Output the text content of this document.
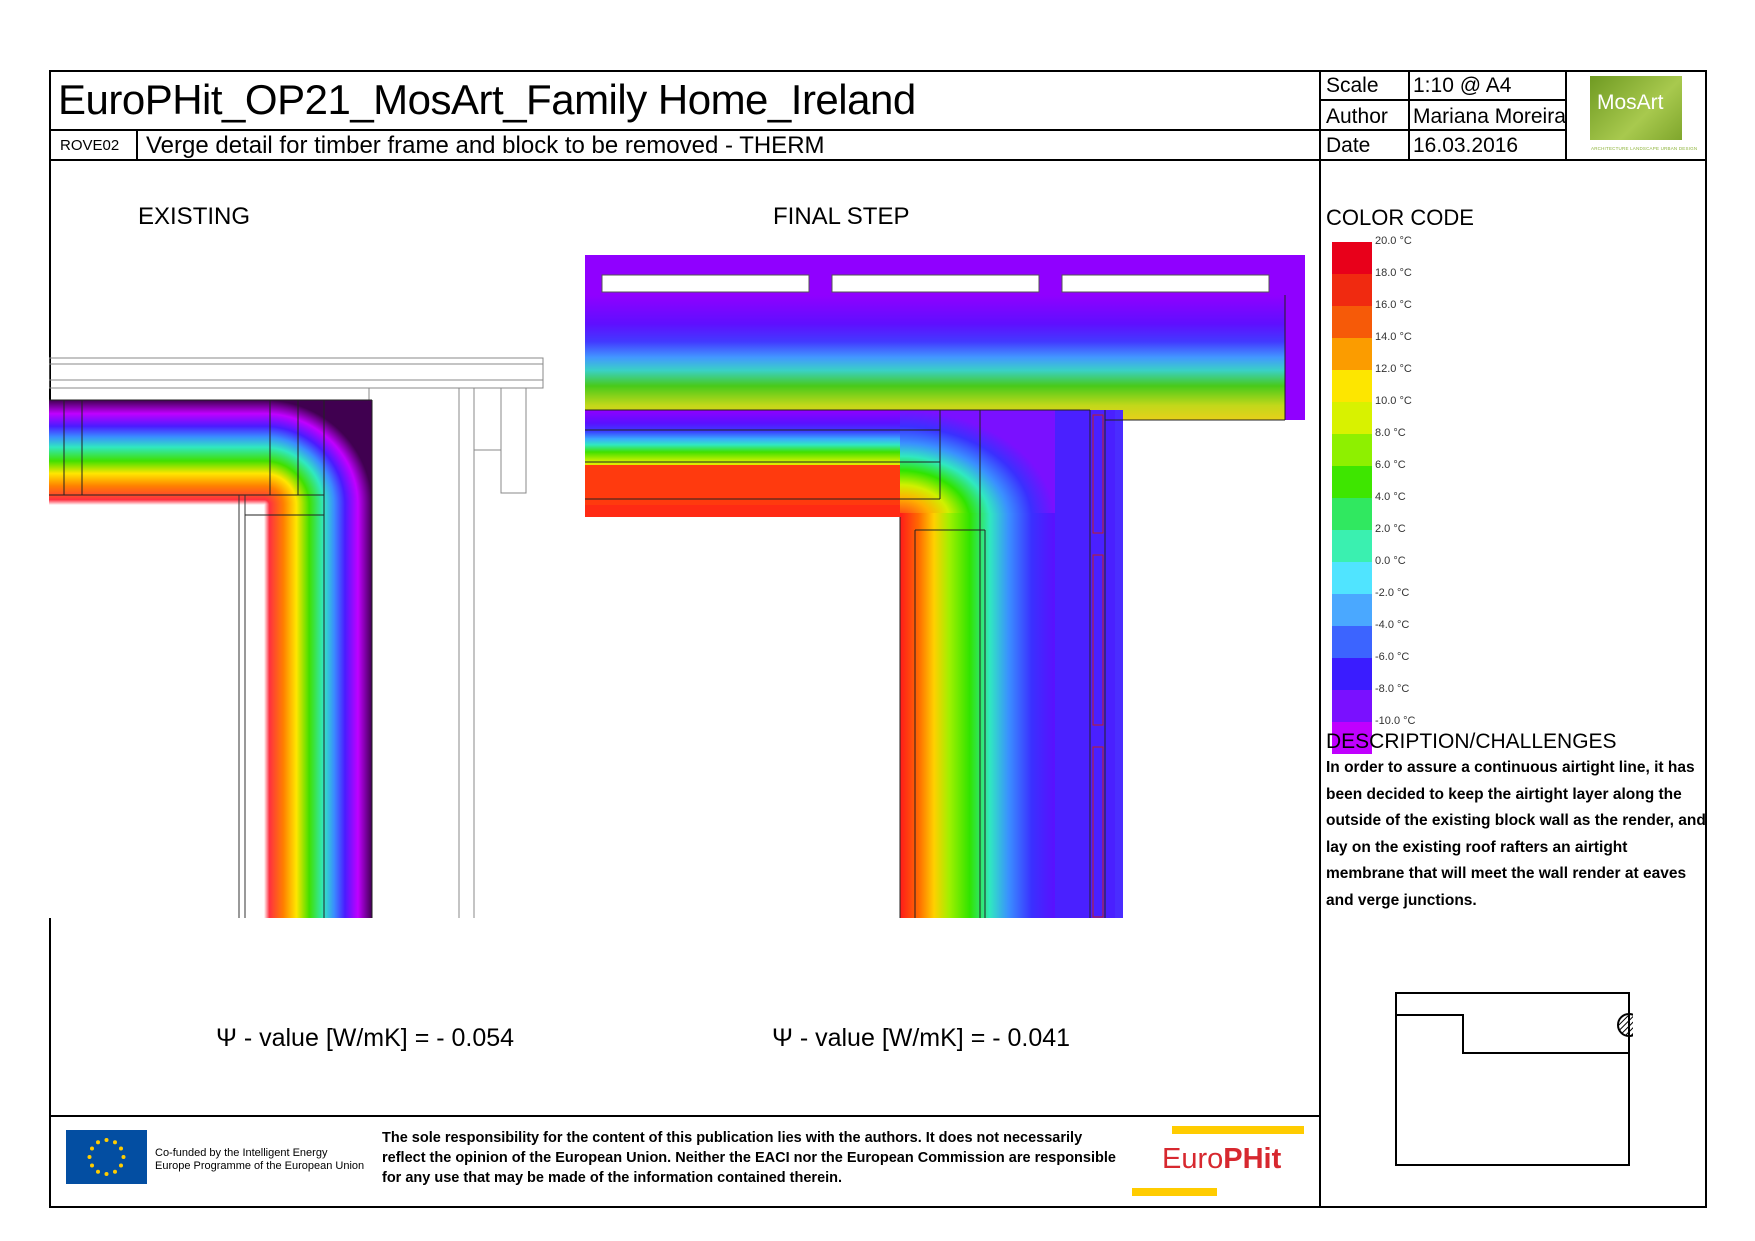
EuroPHit_OP21_MosArt_Family Home_Ireland
ROVE02 Verge detail for timber frame and block to be removed - THERM
Scale 1:10 @ A4
Author Mariana Moreira
Date 16.03.2016
MosArt
ARCHITECTURE LANDSCAPE URBAN DESIGN
EXISTING	FINAL STEP
Ψ - value [W/mK] = - 0.054	Ψ - value [W/mK] = - 0.041
COLOR CODE
20.0 °C
18.0 °C
16.0 °C
14.0 °C
12.0 °C
10.0 °C
8.0 °C
6.0 °C
4.0 °C
2.0 °C
0.0 °C
-2.0 °C
-4.0 °C
-6.0 °C
-8.0 °C
-10.0 °C
DESCRIPTION/CHALLENGES
In order to assure a continuous airtight line, it has been decided to keep the airtight layer along the outside of the existing block wall as the render, and lay on the existing roof rafters an airtight membrane that will meet the wall render at eaves and verge junctions.
Co-funded by the Intelligent Energy Europe Programme of the European Union
The sole responsibility for the content of this publication lies with the authors. It does not necessarily reflect the opinion of the European Union. Neither the EACI nor the European Commission are responsible for any use that may be made of the information contained therein.
EuroPHit
